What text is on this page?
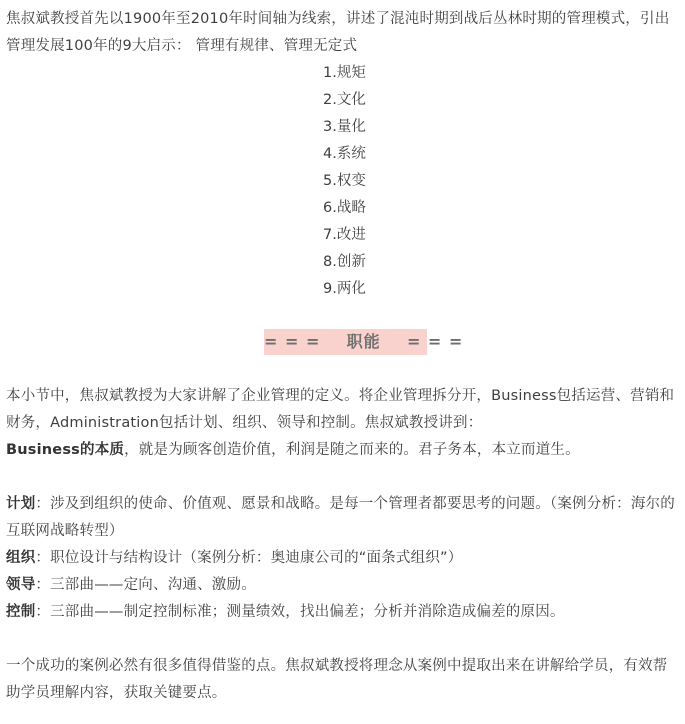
焦叔斌教授首先以1900年至2010年时间轴为线索，讲述了混沌时期到战后丛林时期的管理模式，引出管理发展100年的9大启示： 管理有规律、管理无定式
1.规矩
2.文化
3.量化
4.系统
5.权变
6.战略
7.改进
8.创新
9.两化
= = = 职能 = = =
本小节中，焦叔斌教授为大家讲解了企业管理的定义。将企业管理拆分开，Business包括运营、营销和财务，Administration包括计划、组织、领导和控制。焦叔斌教授讲到：
Business的本质，就是为顾客创造价值，利润是随之而来的。君子务本，本立而道生。
计划：涉及到组织的使命、价值观、愿景和战略。是每一个管理者都要思考的问题。（案例分析：海尔的互联网战略转型）
组织：职位设计与结构设计（案例分析：奥迪康公司的“面条式组织”）
领导：三部曲——定向、沟通、激励。
控制：三部曲——制定控制标准；测量绩效，找出偏差；分析并消除造成偏差的原因。
一个成功的案例必然有很多值得借鉴的点。焦叔斌教授将理念从案例中提取出来在讲解给学员，有效帮助学员理解内容，获取关键要点。
